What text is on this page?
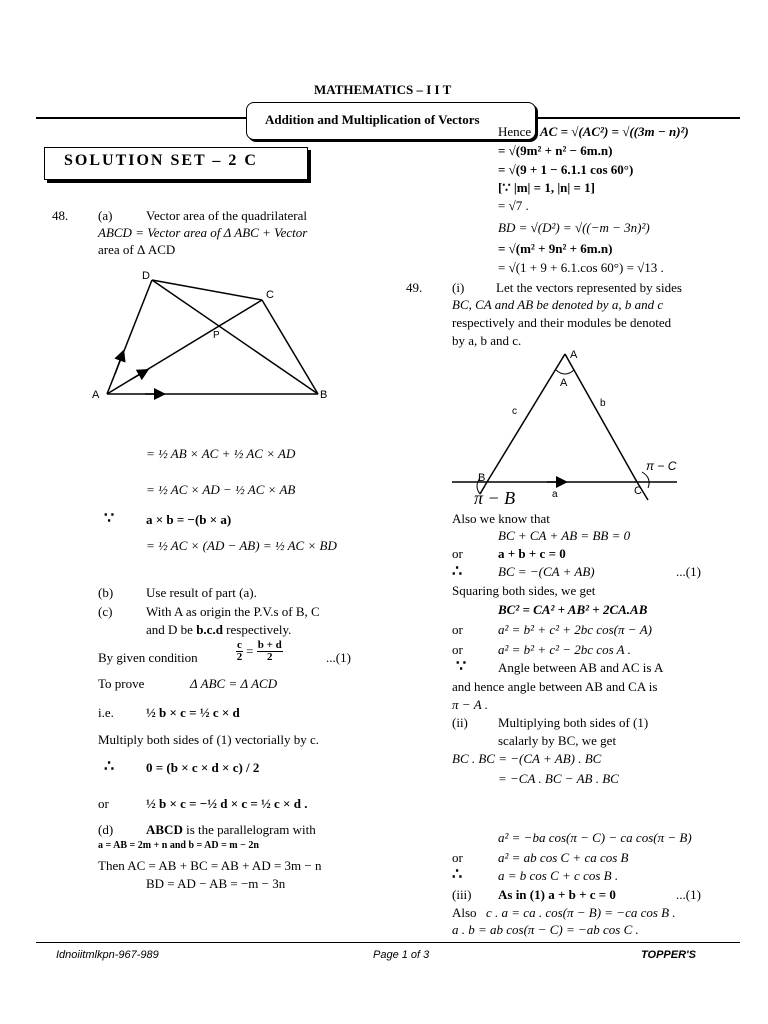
MATHEMATICS – I I T
Addition and Multiplication of Vectors
SOLUTION SET – 2 C
48. (a)	Vector area of the quadrilateral
ABCD = Vector area of Δ ABC + Vector
area of Δ ACD
D
C
P
A	B
= ½ AB × AC + ½ AC × AD
= ½ AC × AD − ½ AC × AB
∵ a × b = −(b × a)
= ½ AC × (AD − AB) = ½ AC × BD
(b)	Use result of part (a).
(c)	With A as origin the P.V.s of B, C
and D be b.c.d respectively.
By given condition	$\frac{c}{2} = \frac{b + d}{2}$	...(1)
To prove	Δ ABC = Δ ACD
i.e. ½ b × c = ½ c × d
Multiply both sides of (1) vectorially by c.
∴ 0 = (b × c × d × c) / 2
or	½ b × c = −½ d × c = ½ c × d .
(d)	ABCD is the parallelogram with
a = AB = 2m + n and b = AD = m − 2n
Then AC = AB + BC = AB + AD = 3m − n
BD = AD − AB = −m − 3n
Hence AC = √(AC²) = √((3m − n)²)
= √(9m² + n² − 6m.n)
= √(9 + 1 − 6.1.1 cos 60°)
[∵ |m| = 1, |n| = 1]
= √7 .
BD = √(D²) = √((−m − 3n)²)
= √(m² + 9n² + 6m.n)
= √(1 + 9 + 6.1.cos 60°) = √13 .
49. (i) Let the vectors represented by sides
BC, CA and AB be denoted by a, b and c
respectively and their modules be denoted
by a, b and c.
A
A
c
b
B
C
a
π − C
π − B
Also we know that
BC + CA + AB = BB = 0
or	a + b + c = 0
∴	BC = −(CA + AB)	...(1)
Squaring both sides, we get
BC² = CA² + AB² + 2CA.AB
or	a² = b² + c² + 2bc cos(π − A)
or	a² = b² + c² − 2bc cos A .
∵ Angle between AB and AC is A
and hence angle between AB and CA is
π − A .
(ii) Multiplying both sides of (1)
scalarly by BC, we get
BC . BC = −(CA + AB) . BC
= −CA . BC − AB . BC
a² = −ba cos(π − C) − ca cos(π − B)
or	a² = ab cos C + ca cos B
∴	a = b cos C + c cos B .
(iii) As in (1) a + b + c = 0	...(1)
Also c . a = ca . cos(π − B) = −ca cos B .
a . b = ab cos(π − C) = −ab cos C .
Idnoiitmlkpn-967-989	Page 1 of 3	TOPPER'S
